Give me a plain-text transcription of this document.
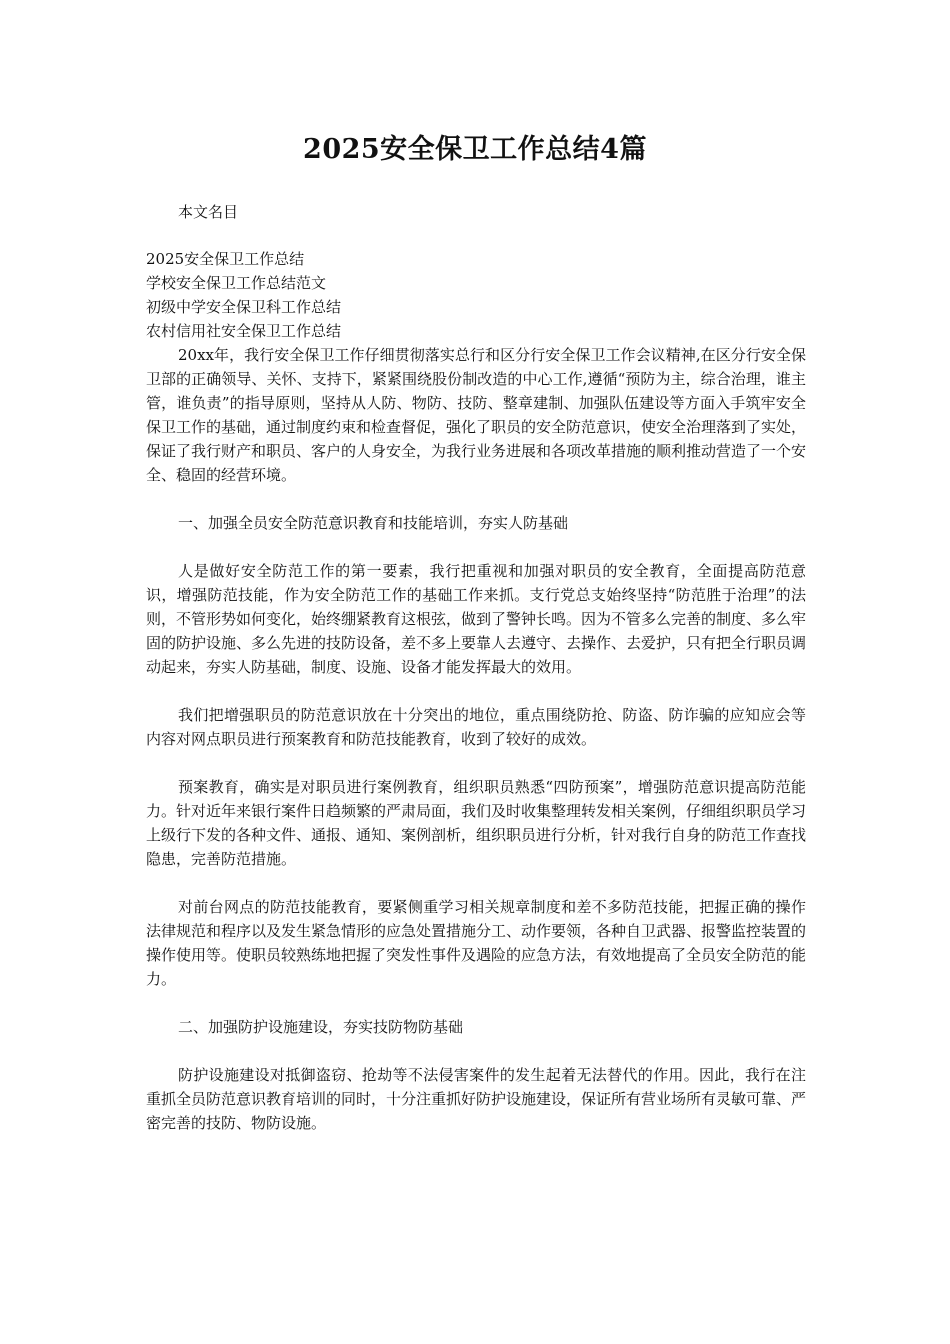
2025安全保卫工作总结4篇

本文名目

2025安全保卫工作总结

学校安全保卫工作总结范文

初级中学安全保卫科工作总结

农村信用社安全保卫工作总结

20xx年，我行安全保卫工作仔细贯彻落实总行和区分行安全保卫工作会议精神,在区分行安全保卫部的正确领导、关怀、支持下，紧紧围绕股份制改造的中心工作,遵循“预防为主，综合治理，谁主管，谁负责”的指导原则，坚持从人防、物防、技防、整章建制、加强队伍建设等方面入手筑牢安全保卫工作的基础，通过制度约束和检查督促，强化了职员的安全防范意识，使安全治理落到了实处，保证了我行财产和职员、客户的人身安全，为我行业务进展和各项改革措施的顺利推动营造了一个安全、稳固的经营环境。

一、加强全员安全防范意识教育和技能培训，夯实人防基础

人是做好安全防范工作的第一要素，我行把重视和加强对职员的安全教育，全面提高防范意识，增强防范技能，作为安全防范工作的基础工作来抓。支行党总支始终坚持“防范胜于治理”的法则，不管形势如何变化，始终绷紧教育这根弦，做到了警钟长鸣。因为不管多么完善的制度、多么牢固的防护设施、多么先进的技防设备，差不多上要靠人去遵守、去操作、去爱护，只有把全行职员调动起来，夯实人防基础，制度、设施、设备才能发挥最大的效用。

我们把增强职员的防范意识放在十分突出的地位，重点围绕防抢、防盗、防诈骗的应知应会等内容对网点职员进行预案教育和防范技能教育，收到了较好的成效。

预案教育，确实是对职员进行案例教育，组织职员熟悉“四防预案”，增强防范意识提高防范能力。针对近年来银行案件日趋频繁的严肃局面，我们及时收集整理转发相关案例，仔细组织职员学习上级行下发的各种文件、通报、通知、案例剖析，组织职员进行分析，针对我行自身的防范工作查找隐患，完善防范措施。

对前台网点的防范技能教育，要紧侧重学习相关规章制度和差不多防范技能，把握正确的操作法律规范和程序以及发生紧急情形的应急处置措施分工、动作要领，各种自卫武器、报警监控装置的操作使用等。使职员较熟练地把握了突发性事件及遇险的应急方法，有效地提高了全员安全防范的能力。

二、加强防护设施建设，夯实技防物防基础

防护设施建设对抵御盗窃、抢劫等不法侵害案件的发生起着无法替代的作用。因此，我行在注重抓全员防范意识教育培训的同时，十分注重抓好防护设施建设，保证所有营业场所有灵敏可靠、严密完善的技防、物防设施。
